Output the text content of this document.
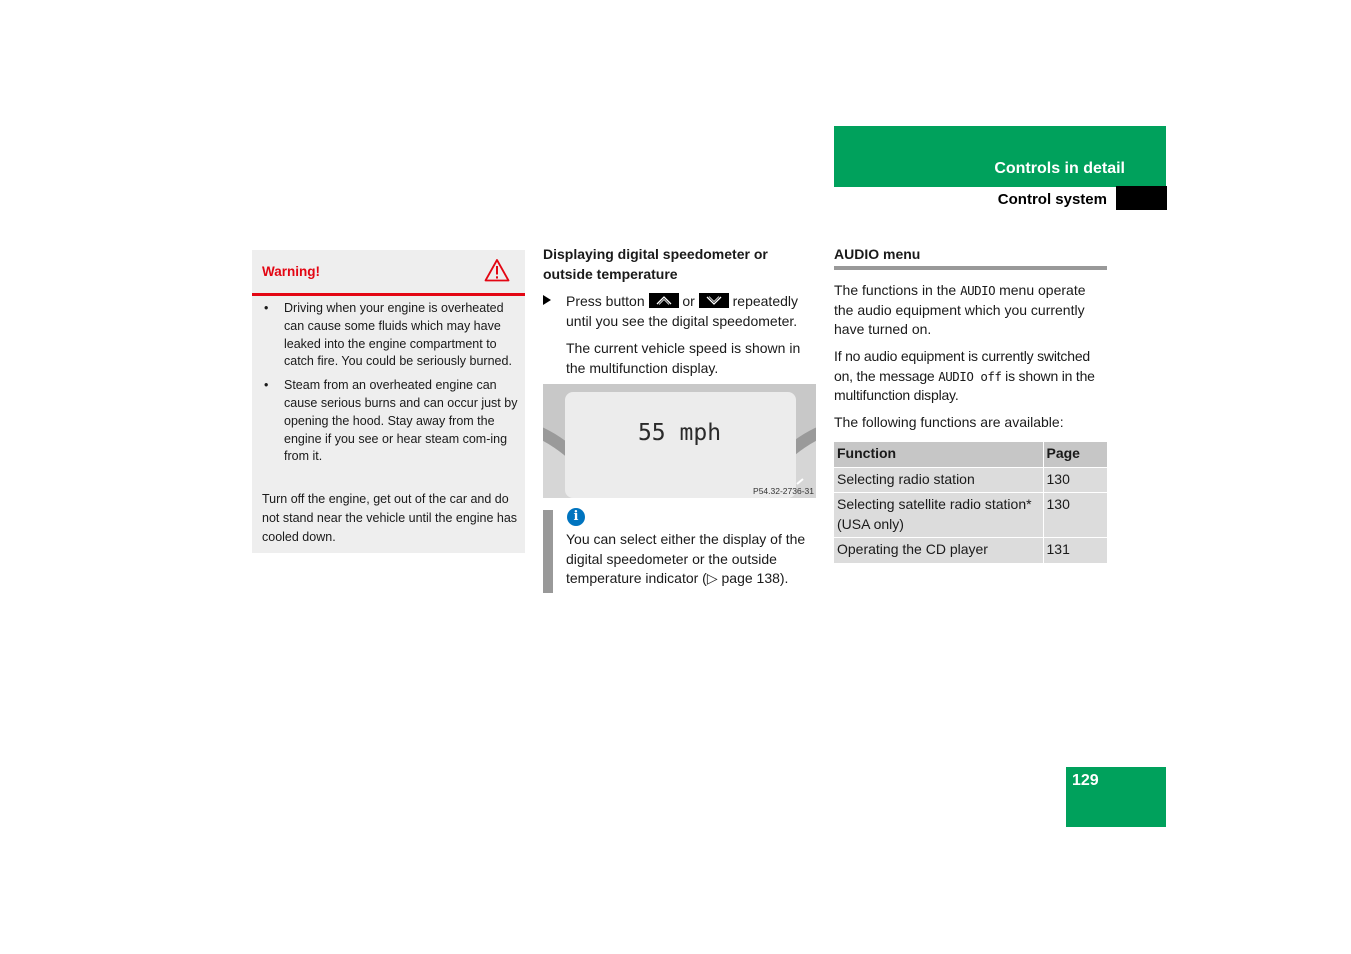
Controls in detail
Control system
Warning!
• Driving when your engine is overheated can cause some fluids which may have leaked into the engine compartment to catch fire. You could be seriously burned.
• Steam from an overheated engine can cause serious burns and can occur just by opening the hood. Stay away from the engine if you see or hear steam com-ing from it.
Turn off the engine, get out of the car and do not stand near the vehicle until the engine has cooled down.
Displaying digital speedometer or outside temperature
Press button	or	repeatedly until you see the digital speedometer.
The current vehicle speed is shown in the multifunction display.
55 mph
P54.32-2736-31
i
You can select either the display of the digital speedometer or the outside temperature indicator (▷ page 138).
AUDIO menu
The functions in the AUDIO menu operate the audio equipment which you currently have turned on.
If no audio equipment is currently switched on, the message AUDIO off is shown in the multifunction display.
The following functions are available:
Function	Page
Selecting radio station	130
Selecting satellite radio station* (USA only)	130
Operating the CD player	131
129
